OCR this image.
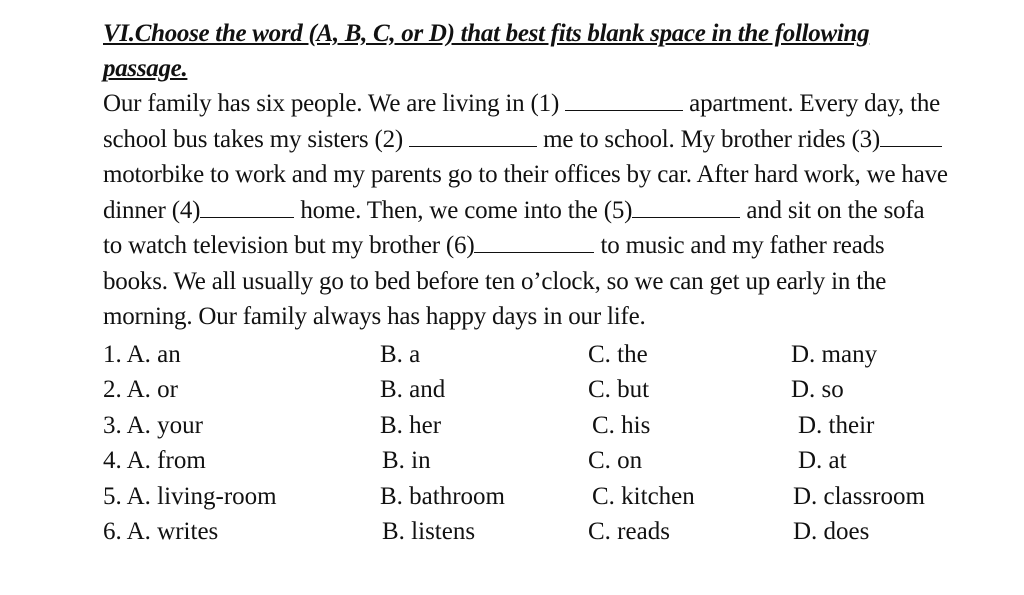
VI.Choose the word (A, B, C, or D) that best fits blank space in the following
passage.

Our family has six people. We are living in (1)	apartment. Every day, the school bus takes my sisters (2)	me to school. My brother rides (3) motorbike to work and my parents go to their offices by car. After hard work, we have dinner (4)	home. Then, we come into the (5)	and sit on the sofa to watch television but my brother (6)	to music and my father reads books. We all usually go to bed before ten o’clock, so we can get up early in the morning. Our family always has happy days in our life.

1. A. an	B. a	C. the	D. many
2. A. or	B. and	C. but	D. so
3. A. your	B. her	C. his	D. their
4. A. from	B. in	C. on	D. at
5. A. living-room	B. bathroom	C. kitchen	D. classroom
6. A. writes	B. listens	C. reads	D. does
